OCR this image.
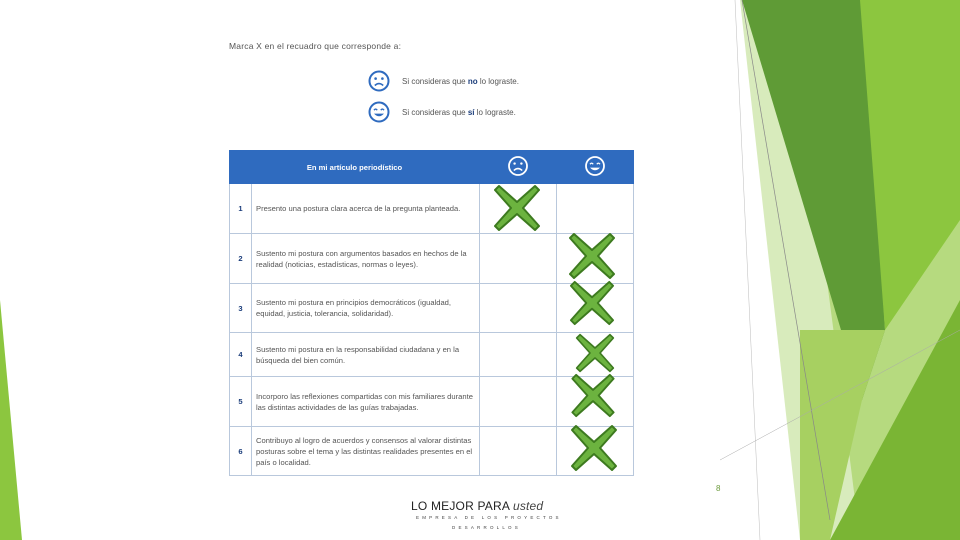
Marca X en el recuadro que corresponde a:
Si consideras que no lo lograste.
Si consideras que sí lo lograste.
En mi artículo periodístico		
1	Presento una postura clara acerca de la pregunta planteada.		
2	Sustento mi postura con argumentos basados en hechos de la realidad (noticias, estadísticas, normas o leyes).		
3	Sustento mi postura en principios democráticos (igualdad, equidad, justicia, tolerancia, solidaridad).		
4	Sustento mi postura en la responsabilidad ciudadana y en la búsqueda del bien común.		
5	Incorporo las reflexiones compartidas con mis familiares durante las distintas actividades de las guías trabajadas.		
6	Contribuyo al logro de acuerdos y consensos al valorar distintas posturas sobre el tema y las distintas realidades presentes en el país o localidad.		
8
LO MEJOR PARA usted
EMPRESA DE LOS PROYECTOS
DESARROLLOS
